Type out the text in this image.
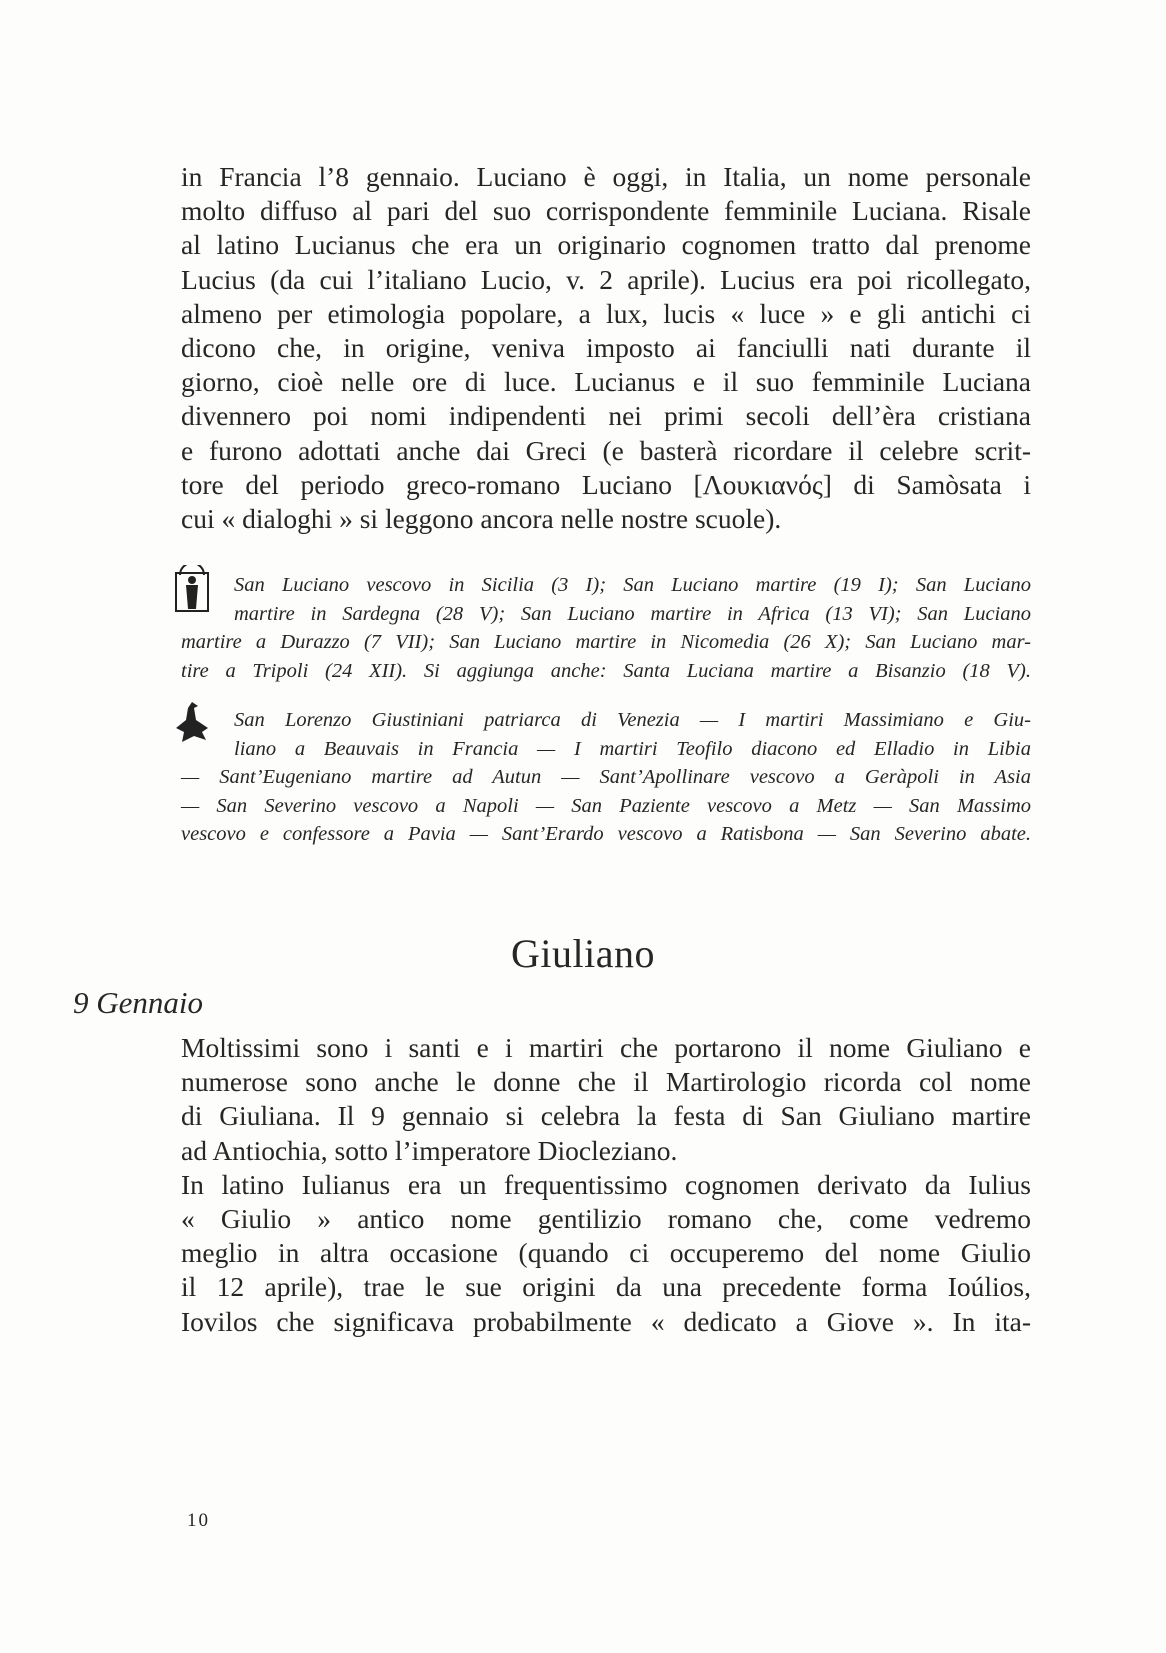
in Francia l’8 gennaio. Luciano è oggi, in Italia, un nome personale
molto diffuso al pari del suo corrispondente femminile Luciana. Risale
al latino Lucianus che era un originario cognomen tratto dal prenome
Lucius (da cui l’italiano Lucio, v. 2 aprile). Lucius era poi ricollegato,
almeno per etimologia popolare, a lux, lucis « luce » e gli antichi ci
dicono che, in origine, veniva imposto ai fanciulli nati durante il
giorno, cioè nelle ore di luce. Lucianus e il suo femminile Luciana
divennero poi nomi indipendenti nei primi secoli dell’èra cristiana
e furono adottati anche dai Greci (e basterà ricordare il celebre scrit-
tore del periodo greco-romano Luciano [Λουκιανός] di Samòsata i
cui « dialoghi » si leggono ancora nelle nostre scuole).
San Luciano vescovo in Sicilia (3 I); San Luciano martire (19 I); San Luciano
martire in Sardegna (28 V); San Luciano martire in Africa (13 VI); San Luciano
martire a Durazzo (7 VII); San Luciano martire in Nicomedia (26 X); San Luciano mar-
tire a Tripoli (24 XII). Si aggiunga anche: Santa Luciana martire a Bisanzio (18 V).
San Lorenzo Giustiniani patriarca di Venezia — I martiri Massimiano e Giu-
liano a Beauvais in Francia — I martiri Teofilo diacono ed Elladio in Libia
— Sant’Eugeniano martire ad Autun — Sant’Apollinare vescovo a Geràpoli in Asia
— San Severino vescovo a Napoli — San Paziente vescovo a Metz — San Massimo
vescovo e confessore a Pavia — Sant’Erardo vescovo a Ratisbona — San Severino abate.
Giuliano
9 Gennaio
Moltissimi sono i santi e i martiri che portarono il nome Giuliano e
numerose sono anche le donne che il Martirologio ricorda col nome
di Giuliana. Il 9 gennaio si celebra la festa di San Giuliano martire
ad Antiochia, sotto l’imperatore Diocleziano.
In latino Iulianus era un frequentissimo cognomen derivato da Iulius
« Giulio » antico nome gentilizio romano che, come vedremo
meglio in altra occasione (quando ci occuperemo del nome Giulio
il 12 aprile), trae le sue origini da una precedente forma Ioúlios,
Iovilos che significava probabilmente « dedicato a Giove ». In ita-
10
